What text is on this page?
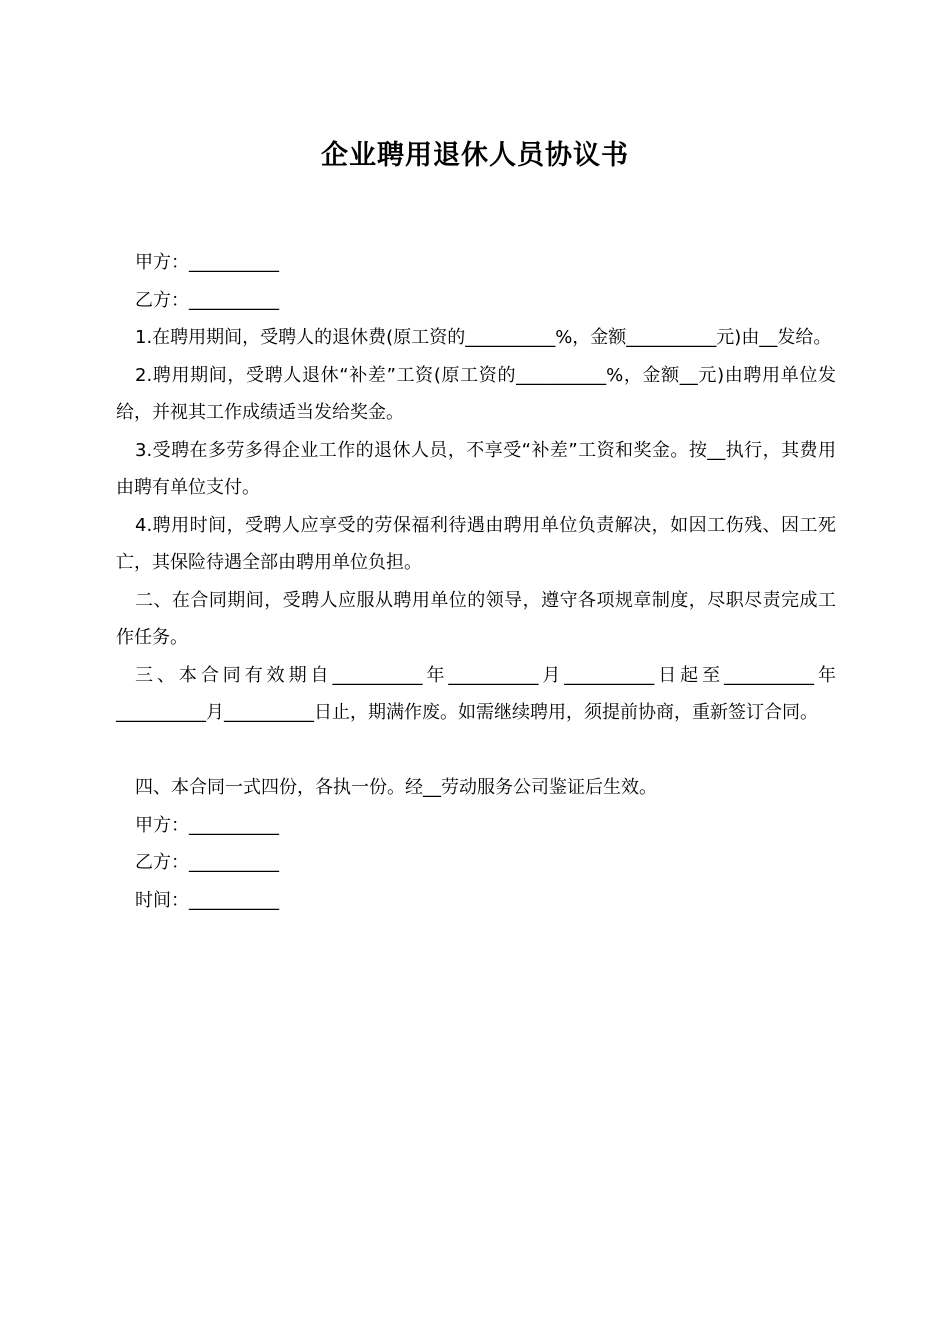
企业聘用退休人员协议书

甲方：__________

乙方：__________

1.在聘用期间，受聘人的退休费(原工资的__________%，金额__________元)由__发给。

2.聘用期间，受聘人退休“补差”工资(原工资的__________%，金额__元)由聘用单位发给，并视其工作成绩适当发给奖金。

3.受聘在多劳多得企业工作的退休人员，不享受“补差”工资和奖金。按__执行，其费用由聘有单位支付。

4.聘用时间，受聘人应享受的劳保福利待遇由聘用单位负责解决，如因工伤残、因工死亡，其保险待遇全部由聘用单位负担。

二、在合同期间，受聘人应服从聘用单位的领导，遵守各项规章制度，尽职尽责完成工作任务。

三、本合同有效期自__________年__________月__________日起至__________年__________月__________日止，期满作废。如需继续聘用，须提前协商，重新签订合同。

四、本合同一式四份，各执一份。经__劳动服务公司鉴证后生效。

甲方：__________

乙方：__________

时间：__________
